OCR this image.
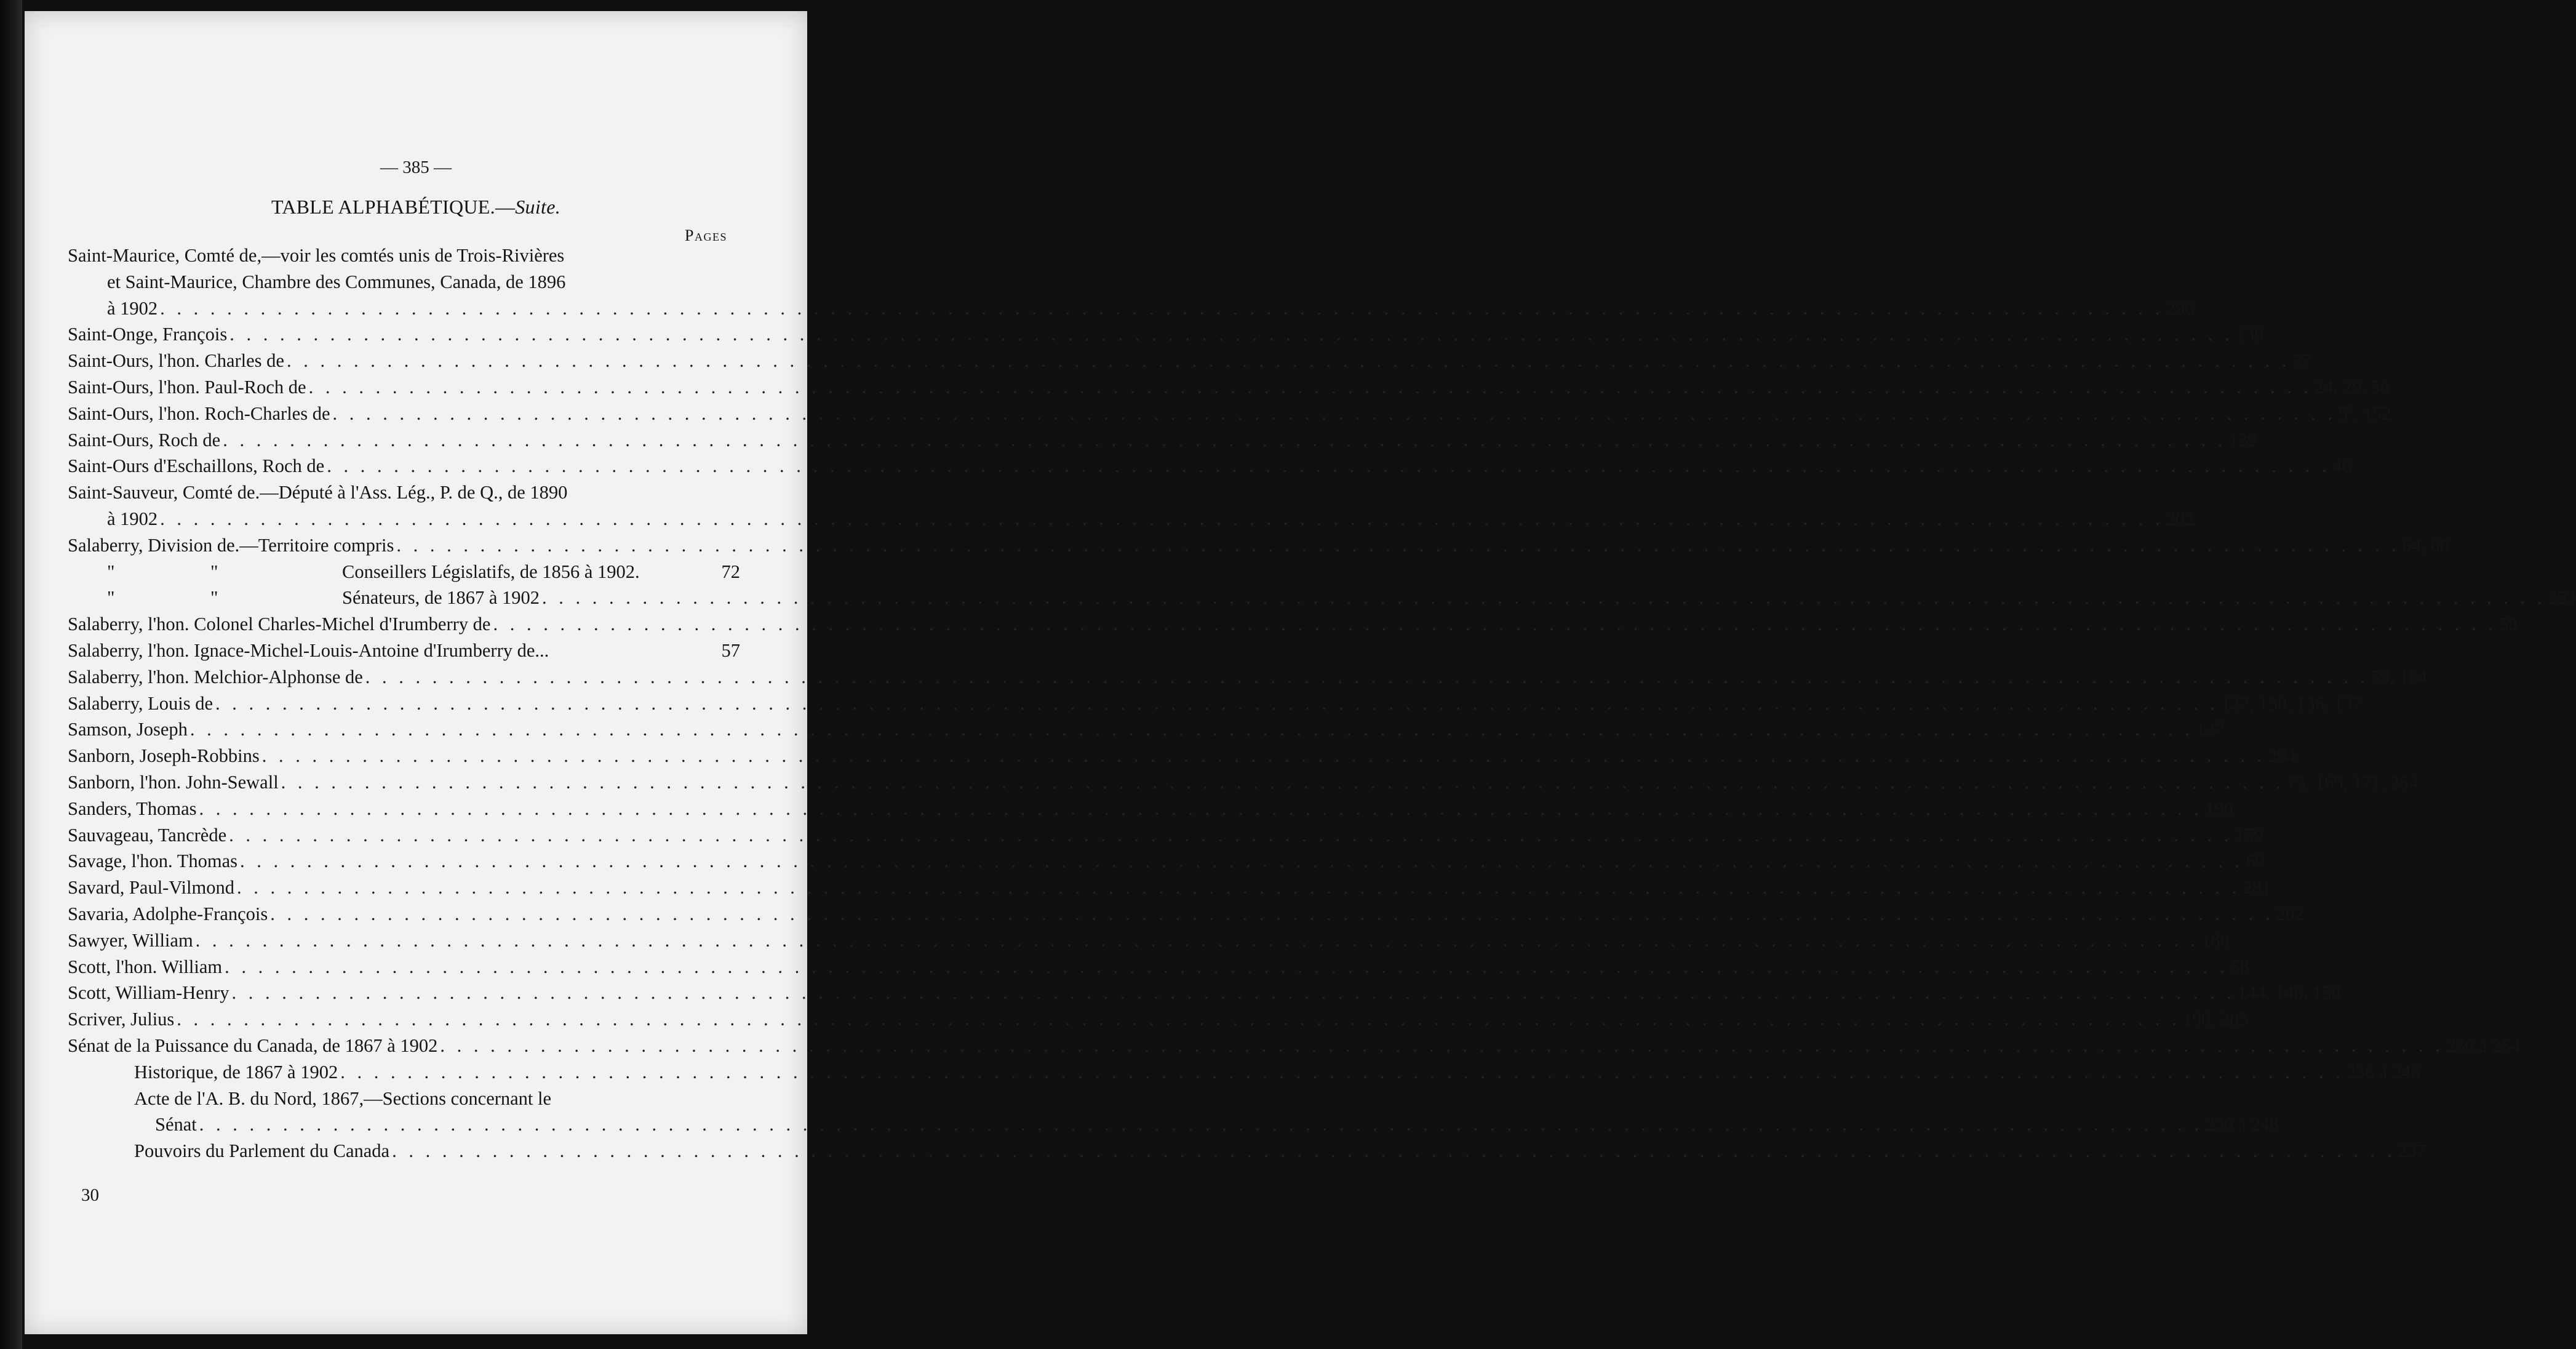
— 385 —
TABLE ALPHABÉTIQUE.—Suite.
Pages
Saint-Maurice, Comté de,—voir les comtés unis de Trois-Rivières
et Saint-Maurice, Chambre des Communes, Canada, de 1896
à 1902 . . . . . . . . . . . . . . . . . . . . . . . . . . . . . . . . . . . . . . . . . . . . . . . . . . . . . . . . . . . . . . . . . . . . . . . . . . . . . . . . . . . . . . . . . . . . . . . . . . . . . . . . . . . . . . . . . . . . . . . . 296
Saint-Onge, François . . . . . . . . . . . . . . . . . . . . . . . . . . . . . . . . . . . . . . . . . . . . . . . . . . . . . . . . . . . . . . . . . . . . . . . . . . . . . . . . . . . . . . . . . . . . . . . . . . . . . . . . . . . . . . . . . . . . . . . . 139
Saint-Ours, l'hon. Charles de . . . . . . . . . . . . . . . . . . . . . . . . . . . . . . . . . . . . . . . . . . . . . . . . . . . . . . . . . . . . . . . . . . . . . . . . . . . . . . . . . . . . . . . . . . . . . . . . . . . . . . . . . . . . . . . . . . . . . . . . 57
Saint-Ours, l'hon. Paul-Roch de . . . . . . . . . . . . . . . . . . . . . . . . . . . . . . . . . . . . . . . . . . . . . . . . . . . . . . . . . . . . . . . . . . . . . . . . . . . . . . . . . . . . . . . . . . . . . . . . . . . . . . . . . . . . . . . . . . . . . . . . 24, 29, 56
Saint-Ours, l'hon. Roch-Charles de . . . . . . . . . . . . . . . . . . . . . . . . . . . . . . . . . . . . . . . . . . . . . . . . . . . . . . . . . . . . . . . . . . . . . . . . . . . . . . . . . . . . . . . . . . . . . . . . . . . . . . . . . . . . . . . . . . . . . . . . 5º, 152
Saint-Ours, Roch de . . . . . . . . . . . . . . . . . . . . . . . . . . . . . . . . . . . . . . . . . . . . . . . . . . . . . . . . . . . . . . . . . . . . . . . . . . . . . . . . . . . . . . . . . . . . . . . . . . . . . . . . . . . . . . . . . . . . . . . . 139
Saint-Ours d'Eschaillons, Roch de . . . . . . . . . . . . . . . . . . . . . . . . . . . . . . . . . . . . . . . . . . . . . . . . . . . . . . . . . . . . . . . . . . . . . . . . . . . . . . . . . . . . . . . . . . . . . . . . . . . . . . . . . . . . . . . . . . . . . . . . 46
Saint-Sauveur, Comté de.—Député à l'Ass. Lég., P. de Q., de 1890
à 1902 . . . . . . . . . . . . . . . . . . . . . . . . . . . . . . . . . . . . . . . . . . . . . . . . . . . . . . . . . . . . . . . . . . . . . . . . . . . . . . . . . . . . . . . . . . . . . . . . . . . . . . . . . . . . . . . . . . . . . . . . 202
Salaberry, Division de.—Territoire compris . . . . . . . . . . . . . . . . . . . . . . . . . . . . . . . . . . . . . . . . . . . . . . . . . . . . . . . . . . . . . . . . . . . . . . . . . . . . . . . . . . . . . . . . . . . . . . . . . . . . . . . . . . . . . . . . . . . . . . . . 64, 68
"	"	Conseillers Législatifs, de 1856 à 1902.	72
"	"	Sénateurs, de 1867 à 1902 . . . . . . . . . . . . . . . . . . . . . . . . . . . . . . . . . . . . . . . . . . . . . . . . . . . . . . . . . . . . . . . . . . . . . . . . . . . . . . . . . . . . . . . . . . . . . . . . . . . . . . . . . . . . . . . . . . . . . . . . 253
Salaberry, l'hon. Colonel Charles-Michel d'Irumberry de . . . . . . . . . . . . . . . . . . . . . . . . . . . . . . . . . . . . . . . . . . . . . . . . . . . . . . . . . . . . . . . . . . . . . . . . . . . . . . . . . . . . . . . . . . . . . . . . . . . . . . . . . . . . . . . . . . . . . . . . 58
Salaberry, l'hon. Ignace-Michel-Louis-Antoine d'Irumberry de...	57
Salaberry, l'hon. Melchior-Alphonse de . . . . . . . . . . . . . . . . . . . . . . . . . . . . . . . . . . . . . . . . . . . . . . . . . . . . . . . . . . . . . . . . . . . . . . . . . . . . . . . . . . . . . . . . . . . . . . . . . . . . . . . . . . . . . . . . . . . . . . . . 59, 164
Salaberry, Louis de . . . . . . . . . . . . . . . . . . . . . . . . . . . . . . . . . . . . . . . . . . . . . . . . . . . . . . . . . . . . . . . . . . . . . . . . . . . . . . . . . . . . . . . . . . . . . . . . . . . . . . . . . . . . . . . . . . . . . . . . 127, 130, 136, 137
Samson, Joseph . . . . . . . . . . . . . . . . . . . . . . . . . . . . . . . . . . . . . . . . . . . . . . . . . . . . . . . . . . . . . . . . . . . . . . . . . . . . . . . . . . . . . . . . . . . . . . . . . . . . . . . . . . . . . . . . . . . . . . . . 127
Sanborn, Joseph-Robbins . . . . . . . . . . . . . . . . . . . . . . . . . . . . . . . . . . . . . . . . . . . . . . . . . . . . . . . . . . . . . . . . . . . . . . . . . . . . . . . . . . . . . . . . . . . . . . . . . . . . . . . . . . . . . . . . . . . . . . . . 294
Sanborn, l'hon. John-Sewall . . . . . . . . . . . . . . . . . . . . . . . . . . . . . . . . . . . . . . . . . . . . . . . . . . . . . . . . . . . . . . . . . . . . . . . . . . . . . . . . . . . . . . . . . . . . . . . . . . . . . . . . . . . . . . . . . . . . . . . . 73, 165, 171, 254
Sanders, Thomas . . . . . . . . . . . . . . . . . . . . . . . . . . . . . . . . . . . . . . . . . . . . . . . . . . . . . . . . . . . . . . . . . . . . . . . . . . . . . . . . . . . . . . . . . . . . . . . . . . . . . . . . . . . . . . . . . . . . . . . . 190
Sauvageau, Tancrède . . . . . . . . . . . . . . . . . . . . . . . . . . . . . . . . . . . . . . . . . . . . . . . . . . . . . . . . . . . . . . . . . . . . . . . . . . . . . . . . . . . . . . . . . . . . . . . . . . . . . . . . . . . . . . . . . . . . . . . . 159
Savage, l'hon. Thomas . . . . . . . . . . . . . . . . . . . . . . . . . . . . . . . . . . . . . . . . . . . . . . . . . . . . . . . . . . . . . . . . . . . . . . . . . . . . . . . . . . . . . . . . . . . . . . . . . . . . . . . . . . . . . . . . . . . . . . . . 69
Savard, Paul-Vilmond . . . . . . . . . . . . . . . . . . . . . . . . . . . . . . . . . . . . . . . . . . . . . . . . . . . . . . . . . . . . . . . . . . . . . . . . . . . . . . . . . . . . . . . . . . . . . . . . . . . . . . . . . . . . . . . . . . . . . . . . 281
Savaria, Adolphe-François . . . . . . . . . . . . . . . . . . . . . . . . . . . . . . . . . . . . . . . . . . . . . . . . . . . . . . . . . . . . . . . . . . . . . . . . . . . . . . . . . . . . . . . . . . . . . . . . . . . . . . . . . . . . . . . . . . . . . . . . 202
Sawyer, William . . . . . . . . . . . . . . . . . . . . . . . . . . . . . . . . . . . . . . . . . . . . . . . . . . . . . . . . . . . . . . . . . . . . . . . . . . . . . . . . . . . . . . . . . . . . . . . . . . . . . . . . . . . . . . . . . . . . . . . . 188
Scott, l'hon. William . . . . . . . . . . . . . . . . . . . . . . . . . . . . . . . . . . . . . . . . . . . . . . . . . . . . . . . . . . . . . . . . . . . . . . . . . . . . . . . . . . . . . . . . . . . . . . . . . . . . . . . . . . . . . . . . . . . . . . . . 58
Scott, William-Henry . . . . . . . . . . . . . . . . . . . . . . . . . . . . . . . . . . . . . . . . . . . . . . . . . . . . . . . . . . . . . . . . . . . . . . . . . . . . . . . . . . . . . . . . . . . . . . . . . . . . . . . . . . . . . . . . . . . . . . . . 144, 146, 158
Scriver, Julius . . . . . . . . . . . . . . . . . . . . . . . . . . . . . . . . . . . . . . . . . . . . . . . . . . . . . . . . . . . . . . . . . . . . . . . . . . . . . . . . . . . . . . . . . . . . . . . . . . . . . . . . . . . . . . . . . . . . . . . . 190, 283
Sénat de la Puissance du Canada, de 1867 à 1902 . . . . . . . . . . . . . . . . . . . . . . . . . . . . . . . . . . . . . . . . . . . . . . . . . . . . . . . . . . . . . . . . . . . . . . . . . . . . . . . . . . . . . . . . . . . . . . . . . . . . . . . . . . . . . . . . . . . . . . . . 236 à 254
Historique, de 1867 à 1902 . . . . . . . . . . . . . . . . . . . . . . . . . . . . . . . . . . . . . . . . . . . . . . . . . . . . . . . . . . . . . . . . . . . . . . . . . . . . . . . . . . . . . . . . . . . . . . . . . . . . . . . . . . . . . . . . . . . . . . . . 236 à 248
Acte de l'A. B. du Nord, 1867,—Sections concernant le
Sénat . . . . . . . . . . . . . . . . . . . . . . . . . . . . . . . . . . . . . . . . . . . . . . . . . . . . . . . . . . . . . . . . . . . . . . . . . . . . . . . . . . . . . . . . . . . . . . . . . . . . . . . . . . . . . . . . . . . . . . . . 236 à 248
Pouvoirs du Parlement du Canada . . . . . . . . . . . . . . . . . . . . . . . . . . . . . . . . . . . . . . . . . . . . . . . . . . . . . . . . . . . . . . . . . . . . . . . . . . . . . . . . . . . . . . . . . . . . . . . . . . . . . . . . . . . . . . . . . . . . . . . . 237
30
